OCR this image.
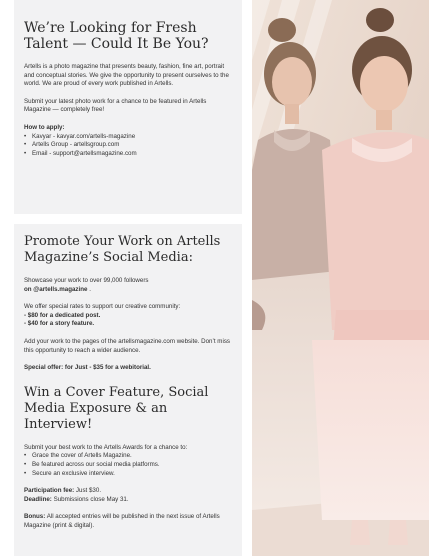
We’re Looking for Fresh Talent — Could It Be You?

Artells is a photo magazine that presents beauty, fashion, fine art, portrait and conceptual stories. We give the opportunity to present ourselves to the world. We are proud of every work published in Artells.

Submit your latest photo work for a chance to be featured in Artells Magazine — completely free!

How to apply:

• Kavyar - kavyar.com/artells-magazine
• Artells Group - artellsgroup.com
• Email - support@artellsmagazine.com
Promote Your Work on Artells Magazine’s Social Media:

Showcase your work to over 99,000 followers
on @artells.magazine .

We offer special rates to support our creative community:
- $80 for a dedicated post.
- $40 for a story feature.

Add your work to the pages of the artellsmagazine.com website. Don’t miss this opportunity to reach a wider audience.

Special offer: for Just - $35 for a webitorial.

Win a Cover Feature, Social Media Exposure & an Interview!

Submit your best work to the Artells Awards for a chance to:

• Grace the cover of Artells Magazine.
• Be featured across our social media platforms.
• Secure an exclusive interview.

Participation fee: Just $30.
Deadline: Submissions close May 31.

Bonus: All accepted entries will be published in the next issue of Artells Magazine (print & digital).
